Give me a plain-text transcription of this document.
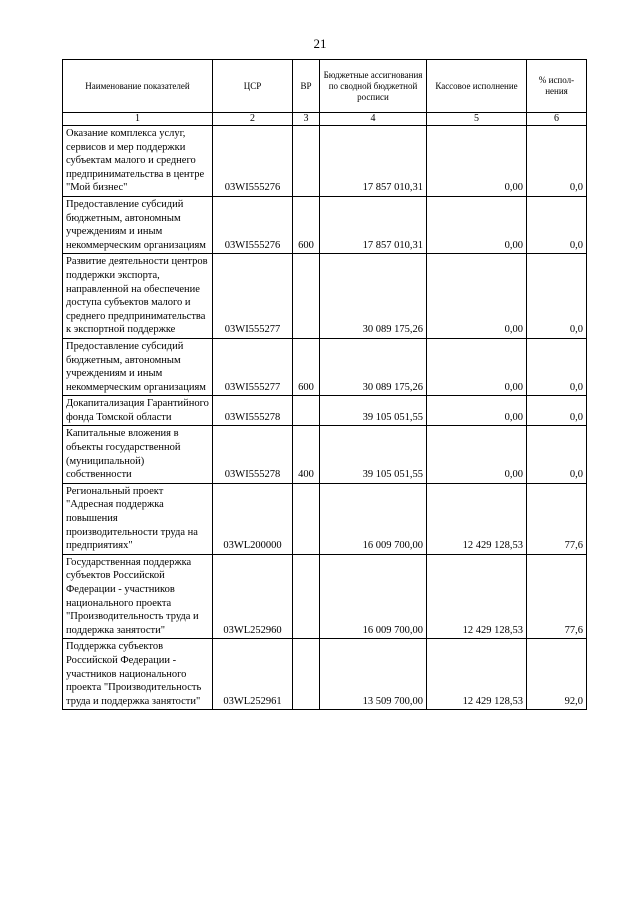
21
Наименование показателей	ЦСР	ВР	Бюджетные ассигнования по сводной бюджетной росписи	Кассовое исполнение	% испол-нения
1	2	3	4	5	6
Оказание комплекса услуг, сервисов и мер поддержки субъектам малого и среднего предпринимательства в центре "Мой бизнес"	03WI555276		17 857 010,31	0,00	0,0
Предоставление субсидий бюджетным, автономным учреждениям и иным некоммерческим организациям	03WI555276	600	17 857 010,31	0,00	0,0
Развитие деятельности центров поддержки экспорта, направленной на обеспечение доступа субъектов малого и среднего предпринимательства к экспортной поддержке	03WI555277		30 089 175,26	0,00	0,0
Предоставление субсидий бюджетным, автономным учреждениям и иным некоммерческим организациям	03WI555277	600	30 089 175,26	0,00	0,0
Докапитализация Гарантийного фонда Томской области	03WI555278		39 105 051,55	0,00	0,0
Капитальные вложения в объекты государственной (муниципальной) собственности	03WI555278	400	39 105 051,55	0,00	0,0
Региональный проект "Адресная поддержка повышения производительности труда на предприятиях"	03WL200000		16 009 700,00	12 429 128,53	77,6
Государственная поддержка субъектов Российской Федерации - участников национального проекта "Производительность труда и поддержка занятости"	03WL252960		16 009 700,00	12 429 128,53	77,6
Поддержка субъектов Российской Федерации - участников национального проекта "Производительность труда и поддержка занятости"	03WL252961		13 509 700,00	12 429 128,53	92,0
